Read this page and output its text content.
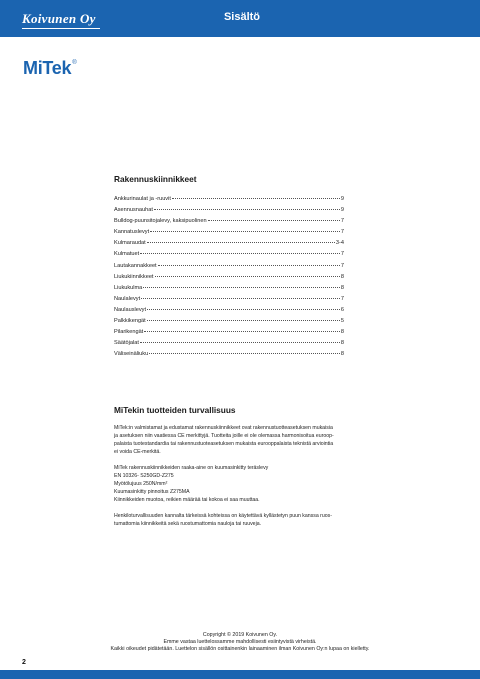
Koivunen Oy	Sisältö
MiTek®
Rakennuskiinnikkeet
Ankkurinaulat ja -ruuvit	9
Asennusnauhat	9
Bulldog-puunsitojalevy, kaksipuolinen	7
Kannatuslevyt	7
Kulmaraudat	3-4
Kulmatuet	7
Lautakannakkeet	7
Liukukiinnikkeet	8
Liukukulma	8
Naulalevyt	7
Naulauslevyt	6
Palkkikengät	5
Pilarikengät	8
Säätöjalat	8
Väliseinäliuku	8
MiTekin tuotteiden turvallisuus

MiTek:in valmistamat ja edustamat rakennuskiinnikkeet ovat rakennustuotteasetuksen mukaisia
ja asetuksen niin vaatiessa CE merkittyjä. Tuotteita joille ei ole olemassa harmonisoitua euroop-
palaista tuotestandardia tai rakennustuoteasetuksen mukaista eurooppalaista teknistä arviointia
ei voida CE-merkitä.

MiTek rakennuskiinnikkeiden raaka-aine on kuumasinkitty teräslevy
EN 10326- S250GD-Z275
Myötölujuus 250N/mm²
Kuumasinkitty pinnoitus Z275MA
Kiinnikkeiden muotoa, reikien määrää tai kokoa ei saa muuttaa.

Henkiloturvallisuuden kannalta tärkeissä kohteissa on käytettävä kyllästetyn puun kanssa ruos-
tumattomia kiinnikkeitä sekä ruostumattomia nauloja tai ruuveja.

Copyright © 2019 Koivunen Oy.
Emme vastaa luettelossamme mahdollisesti esiintyvistä virheistä.
Kaikki oikeudet pidätetään. Luettelon sisällön osittainenkin lainaaminen ilman Koivunen Oy:n lupaa on kielletty.
2
